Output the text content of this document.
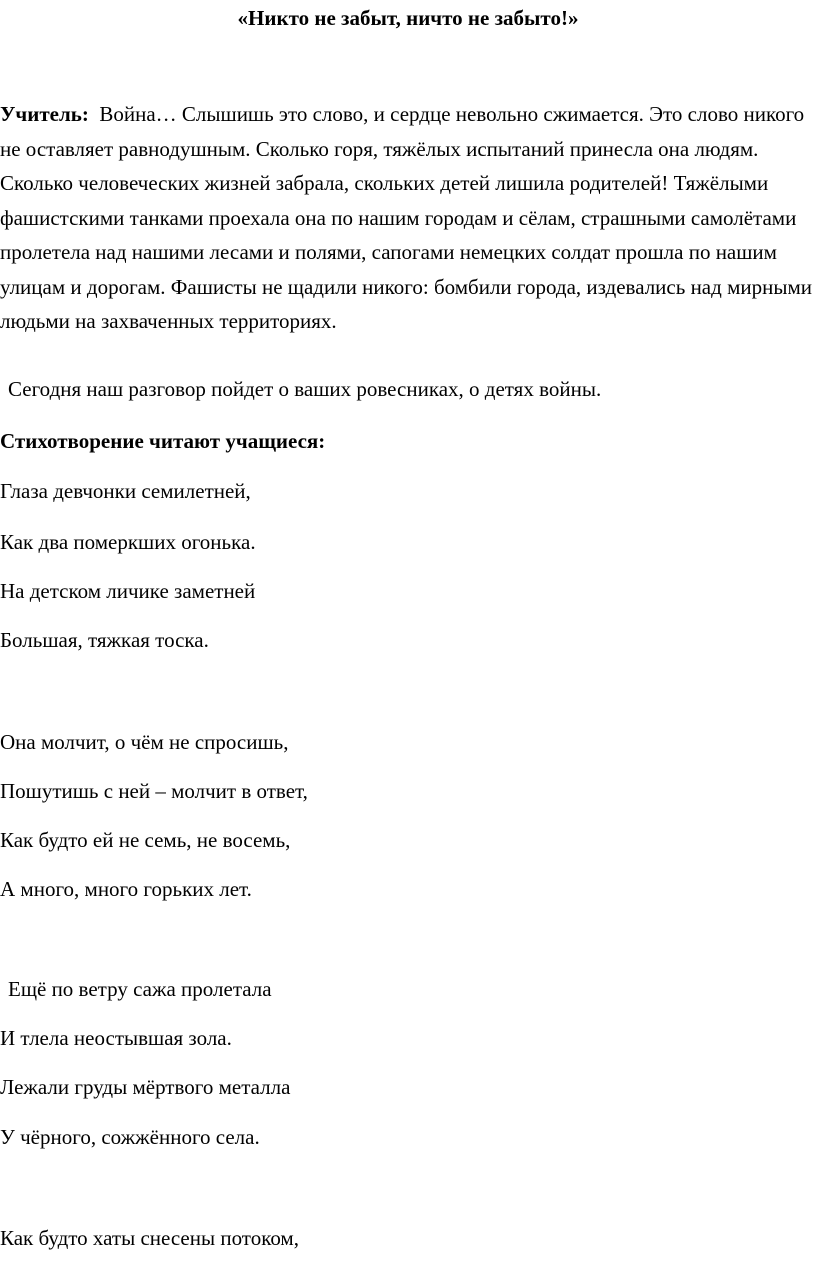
«Никто не забыт, ничто не забыто!»

Учитель: Война… Слышишь это слово, и сердце невольно сжимается. Это слово никого не оставляет равнодушным. Сколько горя, тяжёлых испытаний принесла она людям. Сколько человеческих жизней забрала, скольких детей лишила родителей! Тяжёлыми фашистскими танками проехала она по нашим городам и сёлам, страшными самолётами пролетела над нашими лесами и полями, сапогами немецких солдат прошла по нашим улицам и дорогам. Фашисты не щадили никого: бомбили города, издевались над мирными людьми на захваченных территориях.

Сегодня наш разговор пойдет о ваших ровесниках, о детях войны.

Стихотворение читают учащиеся:

Глаза девчонки семилетней,

Как два померкших огонька.

На детском личике заметней

Большая, тяжкая тоска.

Она молчит, о чём не спросишь,

Пошутишь с ней – молчит в ответ,

Как будто ей не семь, не восемь,

А много, много горьких лет.

Ещё по ветру сажа пролетала

И тлела неостывшая зола.

Лежали груды мёртвого металла

У чёрного, сожжённого села.

Как будто хаты снесены потоком,
